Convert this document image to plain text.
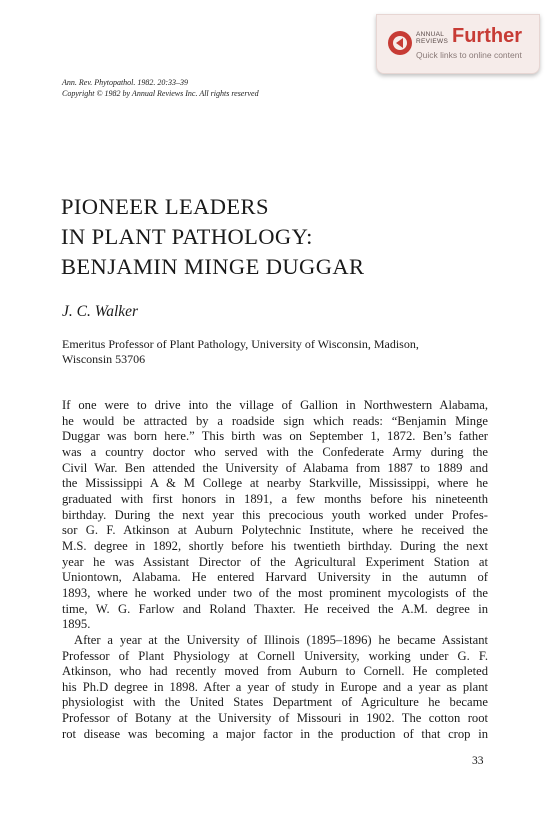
ANNUAL
REVIEWS Further
Quick links to online content
Ann. Rev. Phytopathol. 1982. 20:33–39
Copyright © 1982 by Annual Reviews Inc. All rights reserved
PIONEER LEADERS
IN PLANT PATHOLOGY:
BENJAMIN MINGE DUGGAR
J. C. Walker
Emeritus Professor of Plant Pathology, University of Wisconsin, Madison,
Wisconsin 53706
If one were to drive into the village of Gallion in Northwestern Alabama,
he would be attracted by a roadside sign which reads: “Benjamin Minge
Duggar was born here.” This birth was on September 1, 1872. Ben’s father
was a country doctor who served with the Confederate Army during the
Civil War. Ben attended the University of Alabama from 1887 to 1889 and
the Mississippi A & M College at nearby Starkville, Mississippi, where he
graduated with first honors in 1891, a few months before his nineteenth
birthday. During the next year this precocious youth worked under Profes-
sor G. F. Atkinson at Auburn Polytechnic Institute, where he received the
M.S. degree in 1892, shortly before his twentieth birthday. During the next
year he was Assistant Director of the Agricultural Experiment Station at
Uniontown, Alabama. He entered Harvard University in the autumn of
1893, where he worked under two of the most prominent mycologists of the
time, W. G. Farlow and Roland Thaxter. He received the A.M. degree in
1895.
After a year at the University of Illinois (1895–1896) he became Assistant
Professor of Plant Physiology at Cornell University, working under G. F.
Atkinson, who had recently moved from Auburn to Cornell. He completed
his Ph.D degree in 1898. After a year of study in Europe and a year as plant
physiologist with the United States Department of Agriculture he became
Professor of Botany at the University of Missouri in 1902. The cotton root
rot disease was becoming a major factor in the production of that crop in
33
